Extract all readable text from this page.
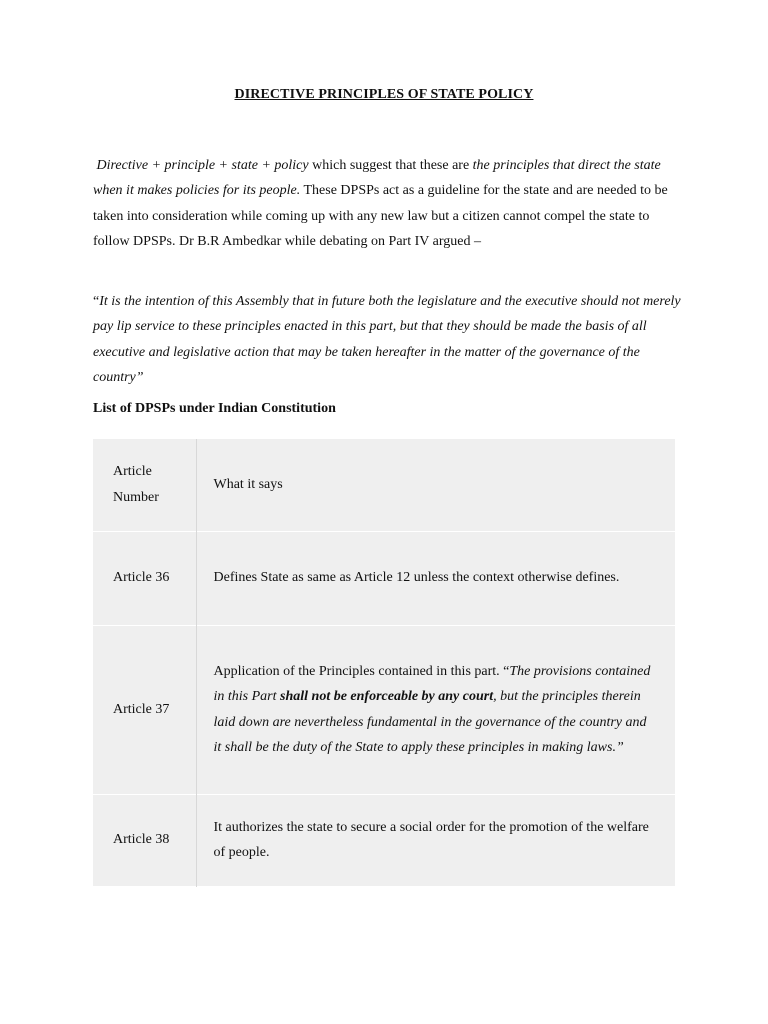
DIRECTIVE PRINCIPLES OF STATE POLICY
Directive + principle + state + policy which suggest that these are the principles that direct the state when it makes policies for its people. These DPSPs act as a guideline for the state and are needed to be taken into consideration while coming up with any new law but a citizen cannot compel the state to follow DPSPs. Dr B.R Ambedkar while debating on Part IV argued –
“It is the intention of this Assembly that in future both the legislature and the executive should not merely pay lip service to these principles enacted in this part, but that they should be made the basis of all executive and legislative action that may be taken hereafter in the matter of the governance of the country”
List of DPSPs under Indian Constitution
Article Number	What it says
Article 36	Defines State as same as Article 12 unless the context otherwise defines.
Article 37	Application of the Principles contained in this part. “The provisions contained in this Part shall not be enforceable by any court, but the principles therein laid down are nevertheless fundamental in the governance of the country and it shall be the duty of the State to apply these principles in making laws.”
Article 38	It authorizes the state to secure a social order for the promotion of the welfare of people.
